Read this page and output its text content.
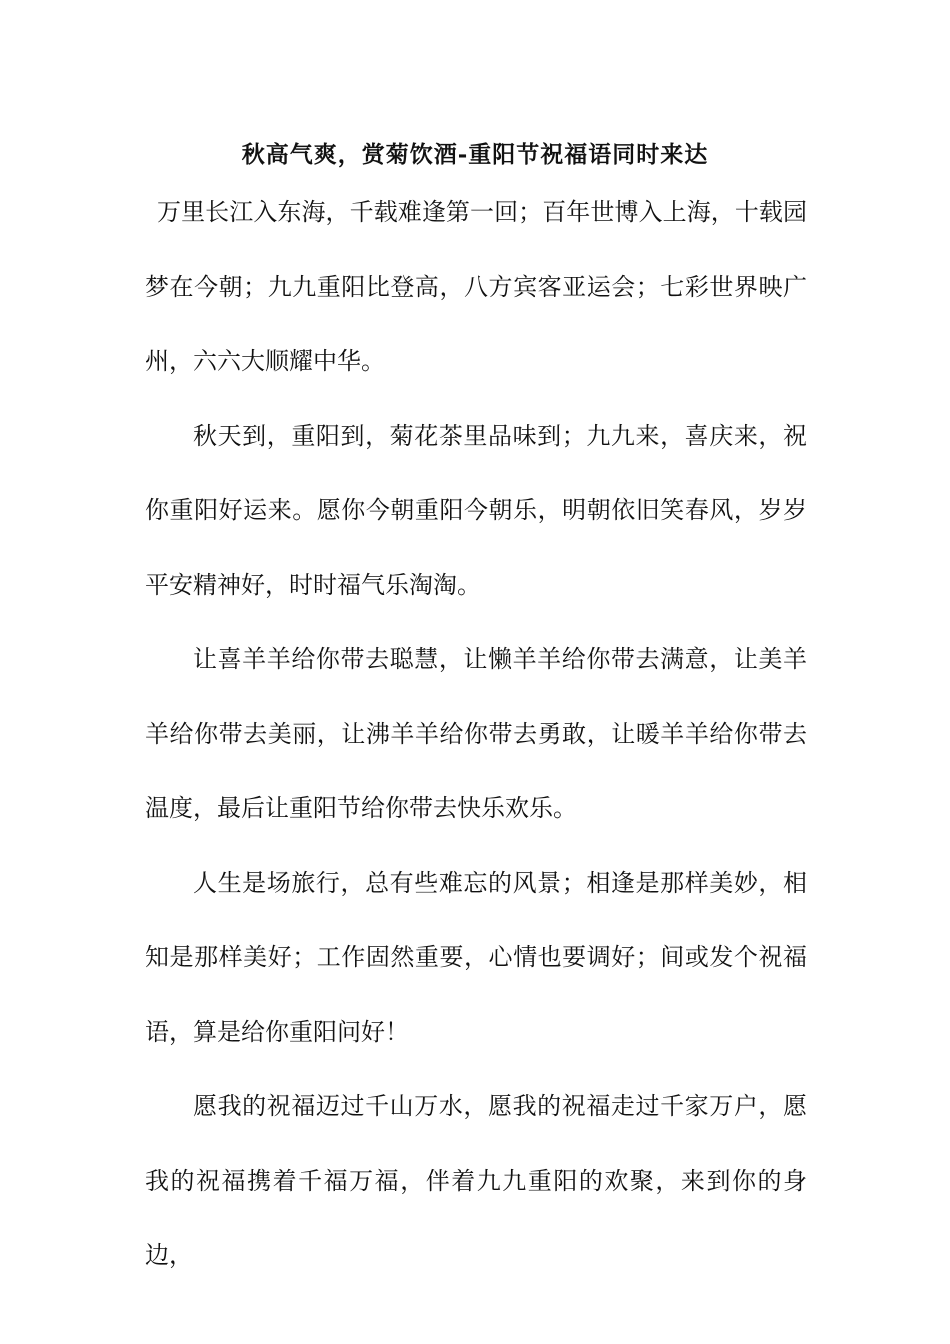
秋高气爽，赏菊饮酒-重阳节祝福语同时来达

万里长江入东海，千载难逢第一回；百年世博入上海，十载园梦在今朝；九九重阳比登高，八方宾客亚运会；七彩世界映广州，六六大顺耀中华。

秋天到，重阳到，菊花茶里品味到；九九来，喜庆来，祝你重阳好运来。愿你今朝重阳今朝乐，明朝依旧笑春风，岁岁平安精神好，时时福气乐淘淘。

让喜羊羊给你带去聪慧，让懒羊羊给你带去满意，让美羊羊给你带去美丽，让沸羊羊给你带去勇敢，让暖羊羊给你带去温度，最后让重阳节给你带去快乐欢乐。

人生是场旅行，总有些难忘的风景；相逢是那样美妙，相知是那样美好；工作固然重要，心情也要调好；间或发个祝福语，算是给你重阳问好！

愿我的祝福迈过千山万水，愿我的祝福走过千家万户，愿我的祝福携着千福万福，伴着九九重阳的欢聚，来到你的身边，
